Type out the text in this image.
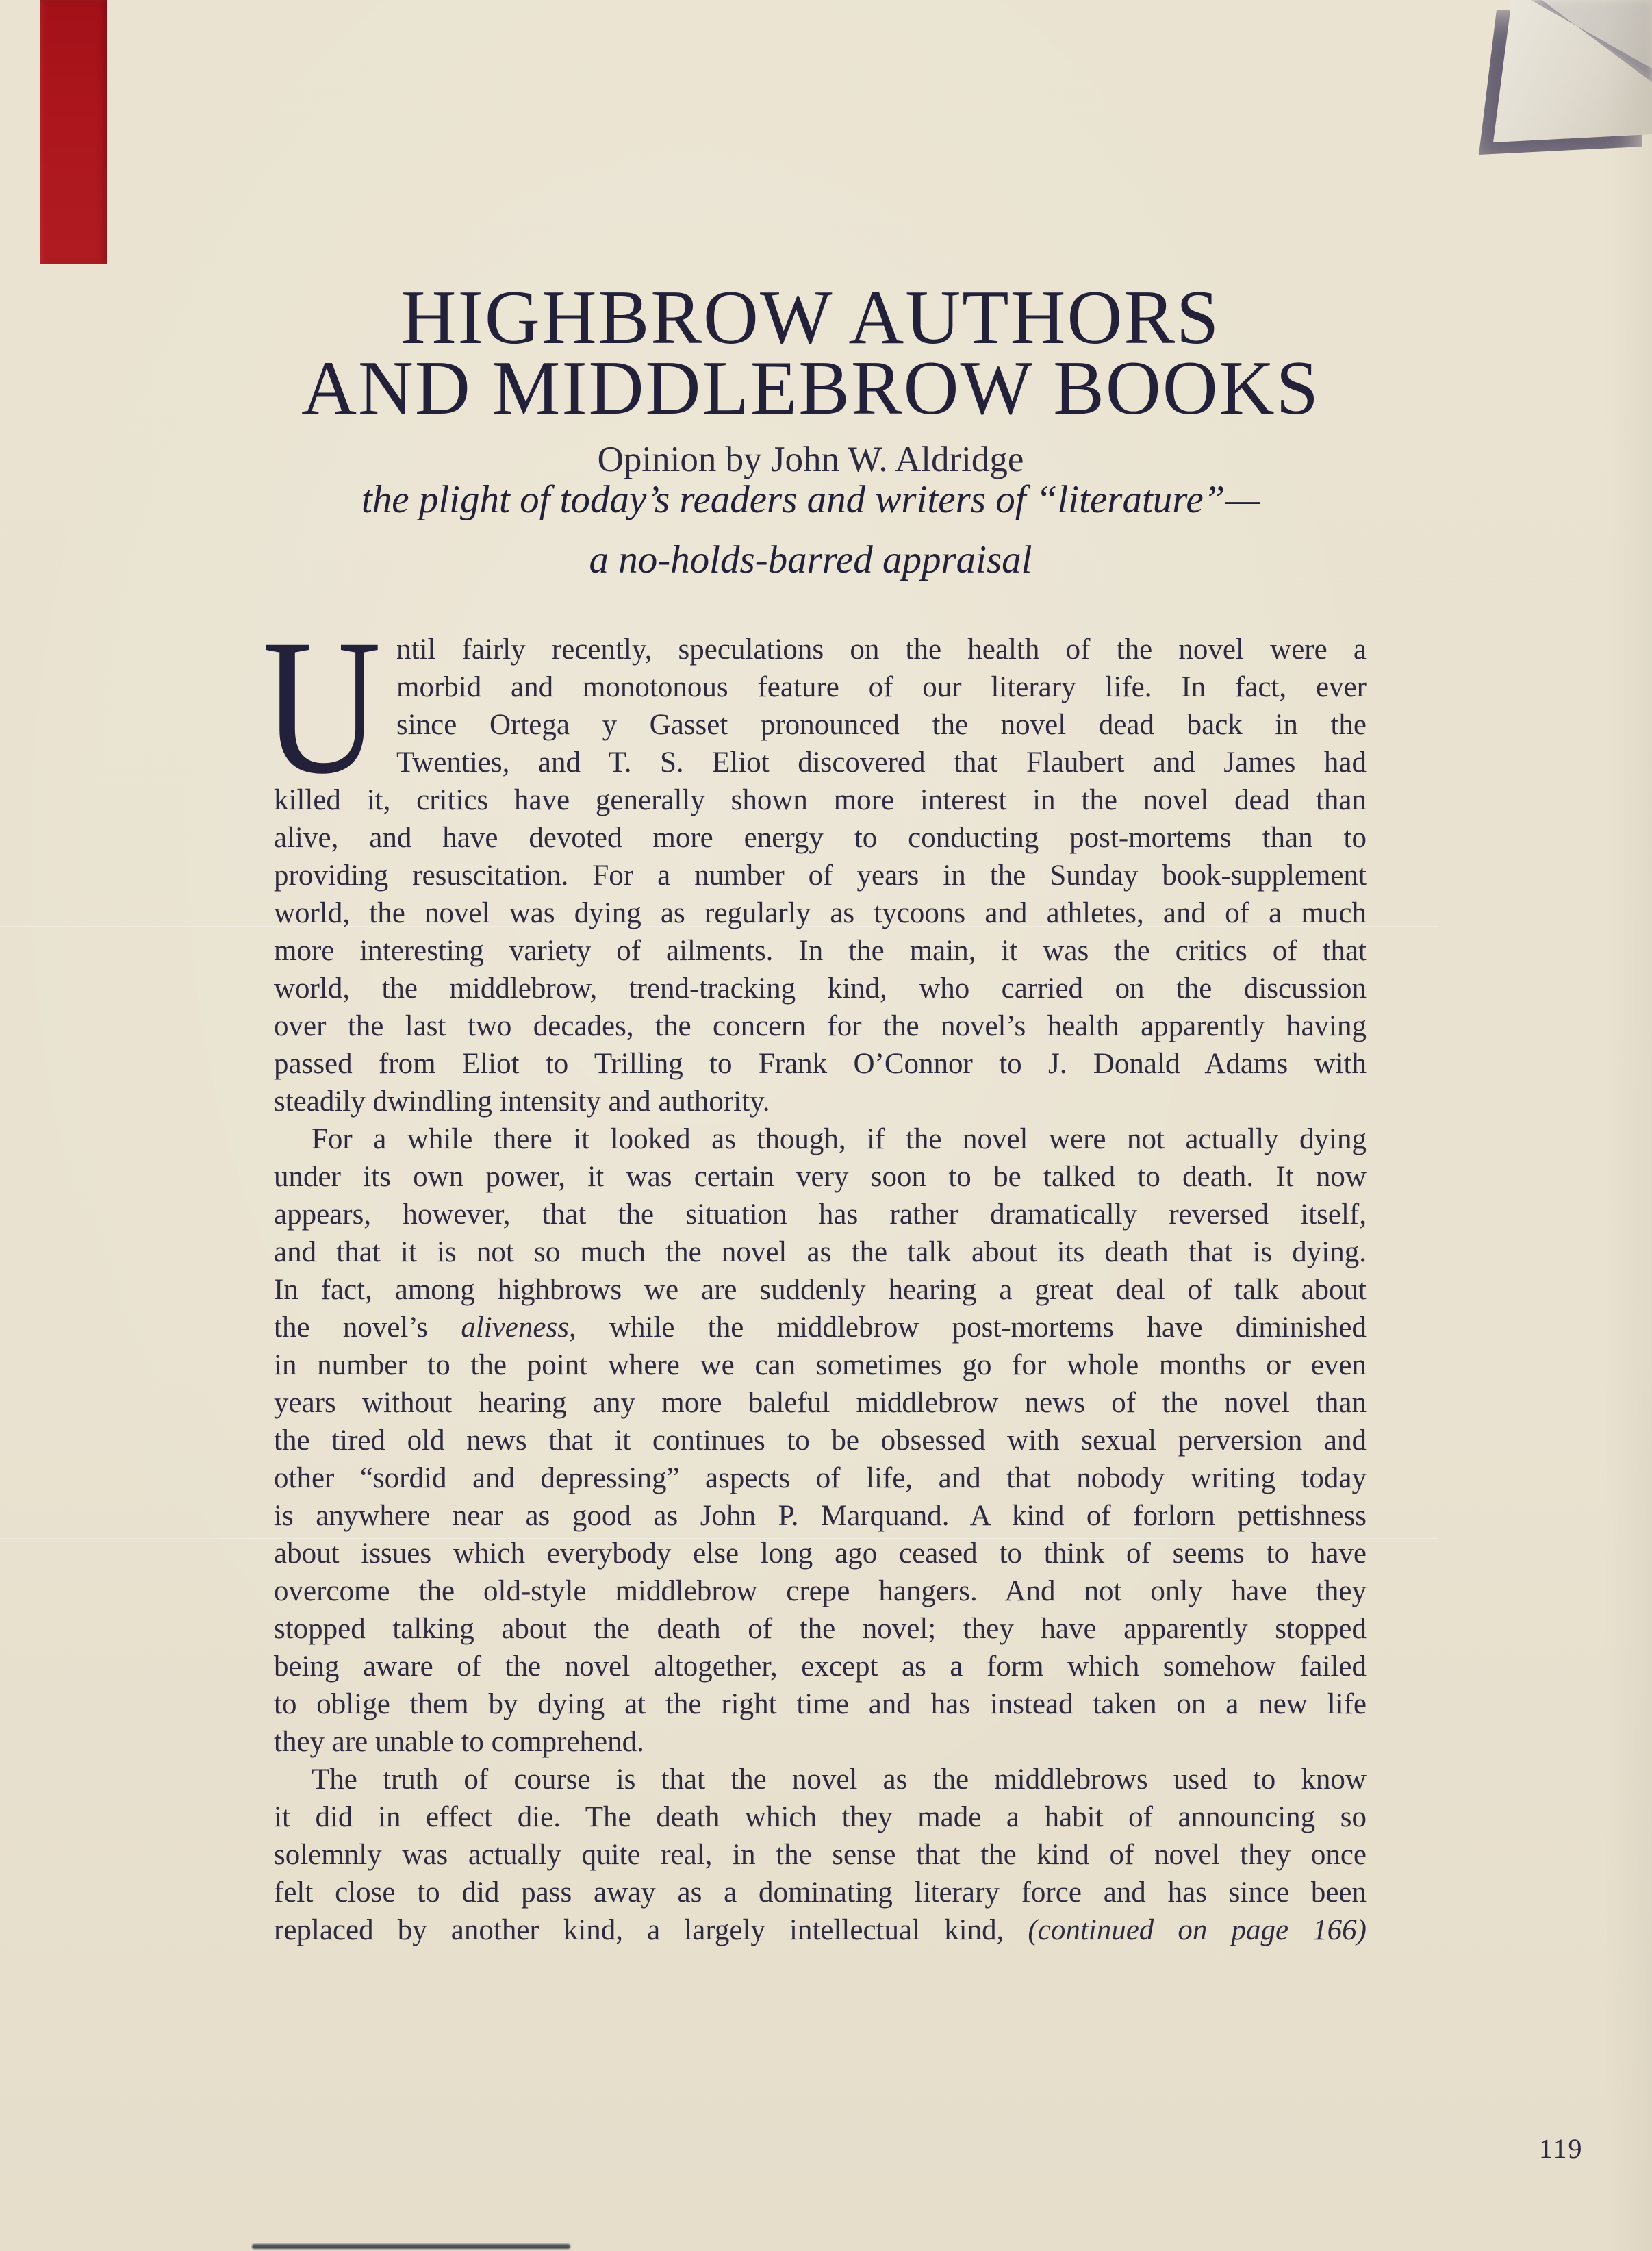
HIGHBROW AUTHORS
AND MIDDLEBROW BOOKS
Opinion by John W. Aldridge
the plight of today’s readers and writers of “literature”—
a no-holds-barred appraisal
U ntil fairly recently, speculations on the health of the novel were a
morbid and monotonous feature of our literary life. In fact, ever
since Ortega y Gasset pronounced the novel dead back in the
Twenties, and T. S. Eliot discovered that Flaubert and James had
killed it, critics have generally shown more interest in the novel dead than
alive, and have devoted more energy to conducting post-mortems than to
providing resuscitation. For a number of years in the Sunday book-supplement
world, the novel was dying as regularly as tycoons and athletes, and of a much
more interesting variety of ailments. In the main, it was the critics of that
world, the middlebrow, trend-tracking kind, who carried on the discussion
over the last two decades, the concern for the novel’s health apparently having
passed from Eliot to Trilling to Frank O’Connor to J. Donald Adams with
steadily dwindling intensity and authority.
For a while there it looked as though, if the novel were not actually dying
under its own power, it was certain very soon to be talked to death. It now
appears, however, that the situation has rather dramatically reversed itself,
and that it is not so much the novel as the talk about its death that is dying.
In fact, among highbrows we are suddenly hearing a great deal of talk about
the novel’s aliveness, while the middlebrow post-mortems have diminished
in number to the point where we can sometimes go for whole months or even
years without hearing any more baleful middlebrow news of the novel than
the tired old news that it continues to be obsessed with sexual perversion and
other “sordid and depressing” aspects of life, and that nobody writing today
is anywhere near as good as John P. Marquand. A kind of forlorn pettishness
about issues which everybody else long ago ceased to think of seems to have
overcome the old-style middlebrow crepe hangers. And not only have they
stopped talking about the death of the novel; they have apparently stopped
being aware of the novel altogether, except as a form which somehow failed
to oblige them by dying at the right time and has instead taken on a new life
they are unable to comprehend.
The truth of course is that the novel as the middlebrows used to know
it did in effect die. The death which they made a habit of announcing so
solemnly was actually quite real, in the sense that the kind of novel they once
felt close to did pass away as a dominating literary force and has since been
replaced by another kind, a largely intellectual kind, (continued on page 166)
119
